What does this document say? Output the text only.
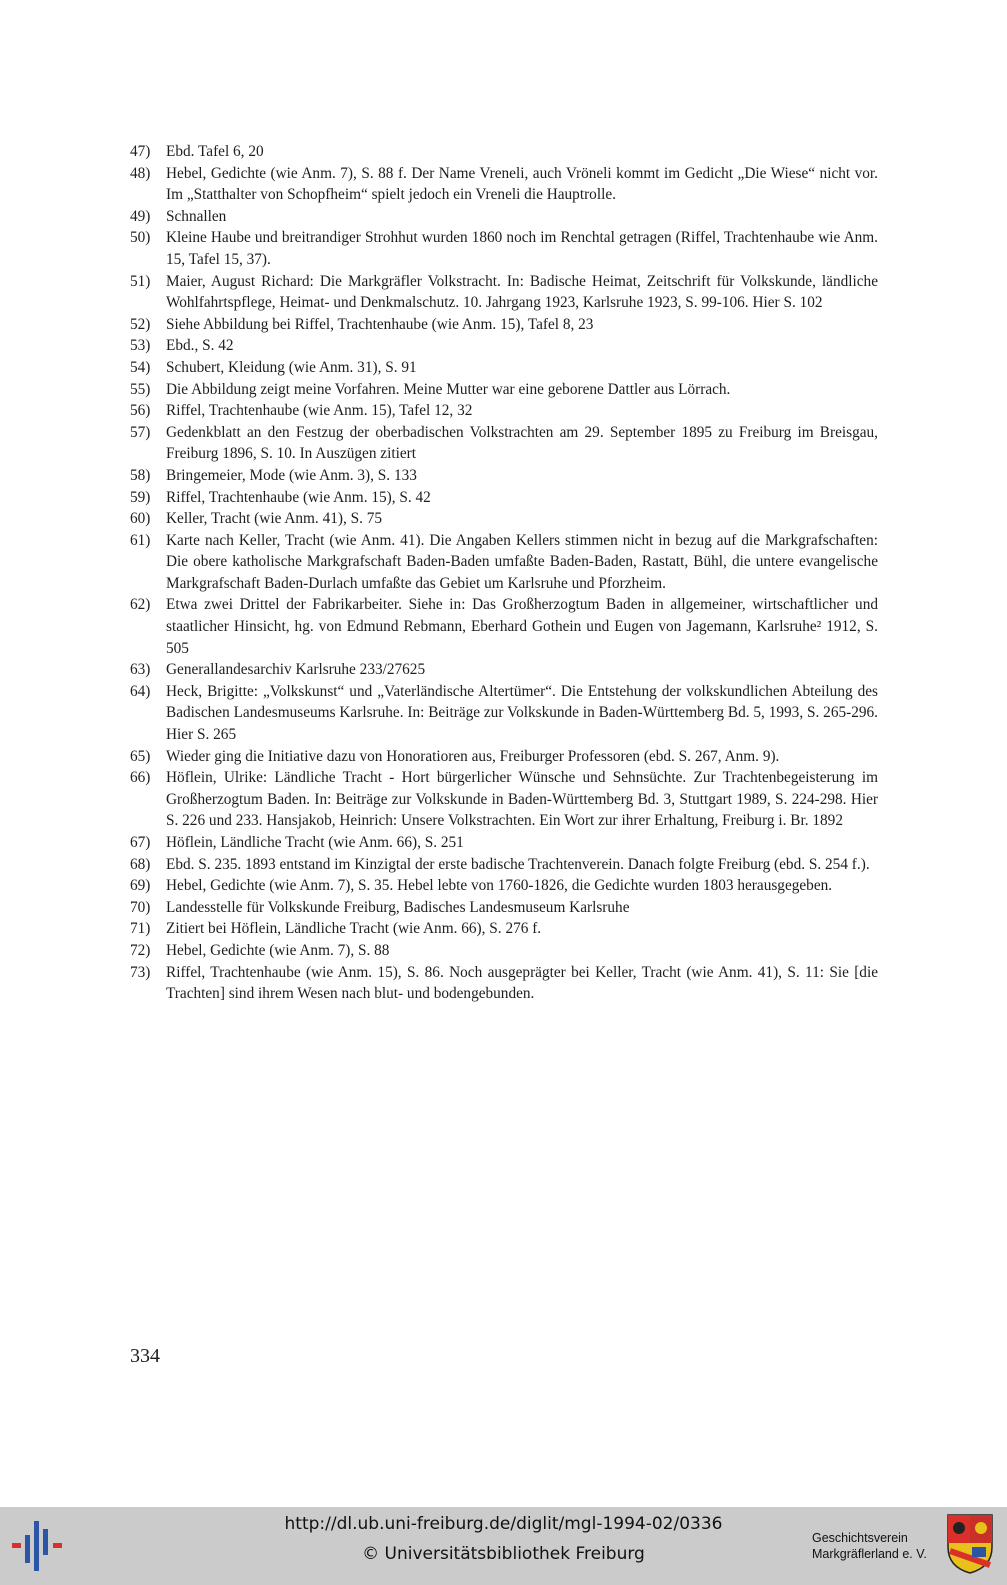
47)	Ebd. Tafel 6, 20
48)	Hebel, Gedichte (wie Anm. 7), S. 88 f. Der Name Vreneli, auch Vröneli kommt im Gedicht „Die Wiese“ nicht vor. Im „Statthalter von Schopfheim“ spielt jedoch ein Vreneli die Hauptrolle.
49)	Schnallen
50)	Kleine Haube und breitrandiger Strohhut wurden 1860 noch im Renchtal getragen (Riffel, Trachtenhaube wie Anm. 15, Tafel 15, 37).
51)	Maier, August Richard: Die Markgräfler Volkstracht. In: Badische Heimat, Zeitschrift für Volkskunde, ländliche Wohlfahrtspflege, Heimat- und Denkmalschutz. 10. Jahrgang 1923, Karlsruhe 1923, S. 99-106. Hier S. 102
52)	Siehe Abbildung bei Riffel, Trachtenhaube (wie Anm. 15), Tafel 8, 23
53)	Ebd., S. 42
54)	Schubert, Kleidung (wie Anm. 31), S. 91
55)	Die Abbildung zeigt meine Vorfahren. Meine Mutter war eine geborene Dattler aus Lörrach.
56)	Riffel, Trachtenhaube (wie Anm. 15), Tafel 12, 32
57)	Gedenkblatt an den Festzug der oberbadischen Volkstrachten am 29. September 1895 zu Freiburg im Breisgau, Freiburg 1896, S. 10. In Auszügen zitiert
58)	Bringemeier, Mode (wie Anm. 3), S. 133
59)	Riffel, Trachtenhaube (wie Anm. 15), S. 42
60)	Keller, Tracht (wie Anm. 41), S. 75
61)	Karte nach Keller, Tracht (wie Anm. 41). Die Angaben Kellers stimmen nicht in bezug auf die Markgrafschaften: Die obere katholische Markgrafschaft Baden-Baden umfaßte Baden-Baden, Rastatt, Bühl, die untere evangelische Markgrafschaft Baden-Durlach umfaßte das Gebiet um Karlsruhe und Pforzheim.
62)	Etwa zwei Drittel der Fabrikarbeiter. Siehe in: Das Großherzogtum Baden in allgemeiner, wirtschaftlicher und staatlicher Hinsicht, hg. von Edmund Rebmann, Eberhard Gothein und Eugen von Jagemann, Karlsruhe² 1912, S. 505
63)	Generallandesarchiv Karlsruhe 233/27625
64)	Heck, Brigitte: „Volkskunst“ und „Vaterländische Altertümer“. Die Entstehung der volkskundlichen Abteilung des Badischen Landesmuseums Karlsruhe. In: Beiträge zur Volkskunde in Baden-Württemberg Bd. 5, 1993, S. 265-296. Hier S. 265
65)	Wieder ging die Initiative dazu von Honoratioren aus, Freiburger Professoren (ebd. S. 267, Anm. 9).
66)	Höflein, Ulrike: Ländliche Tracht - Hort bürgerlicher Wünsche und Sehnsüchte. Zur Trachtenbegeisterung im Großherzogtum Baden. In: Beiträge zur Volkskunde in Baden-Württemberg Bd. 3, Stuttgart 1989, S. 224-298. Hier S. 226 und 233. Hansjakob, Heinrich: Unsere Volkstrachten. Ein Wort zur ihrer Erhaltung, Freiburg i. Br. 1892
67)	Höflein, Ländliche Tracht (wie Anm. 66), S. 251
68)	Ebd. S. 235. 1893 entstand im Kinzigtal der erste badische Trachtenverein. Danach folgte Freiburg (ebd. S. 254 f.).
69)	Hebel, Gedichte (wie Anm. 7), S. 35. Hebel lebte von 1760-1826, die Gedichte wurden 1803 herausgegeben.
70)	Landesstelle für Volkskunde Freiburg, Badisches Landesmuseum Karlsruhe
71)	Zitiert bei Höflein, Ländliche Tracht (wie Anm. 66), S. 276 f.
72)	Hebel, Gedichte (wie Anm. 7), S. 88
73)	Riffel, Trachtenhaube (wie Anm. 15), S. 86. Noch ausgeprägter bei Keller, Tracht (wie Anm. 41), S. 11: Sie [die Trachten] sind ihrem Wesen nach blut- und bodengebunden.
334
http://dl.ub.uni-freiburg.de/diglit/mgl-1994-02/0336
© Universitätsbibliothek Freiburg
Geschichtsverein
Markgräflerland e. V.
